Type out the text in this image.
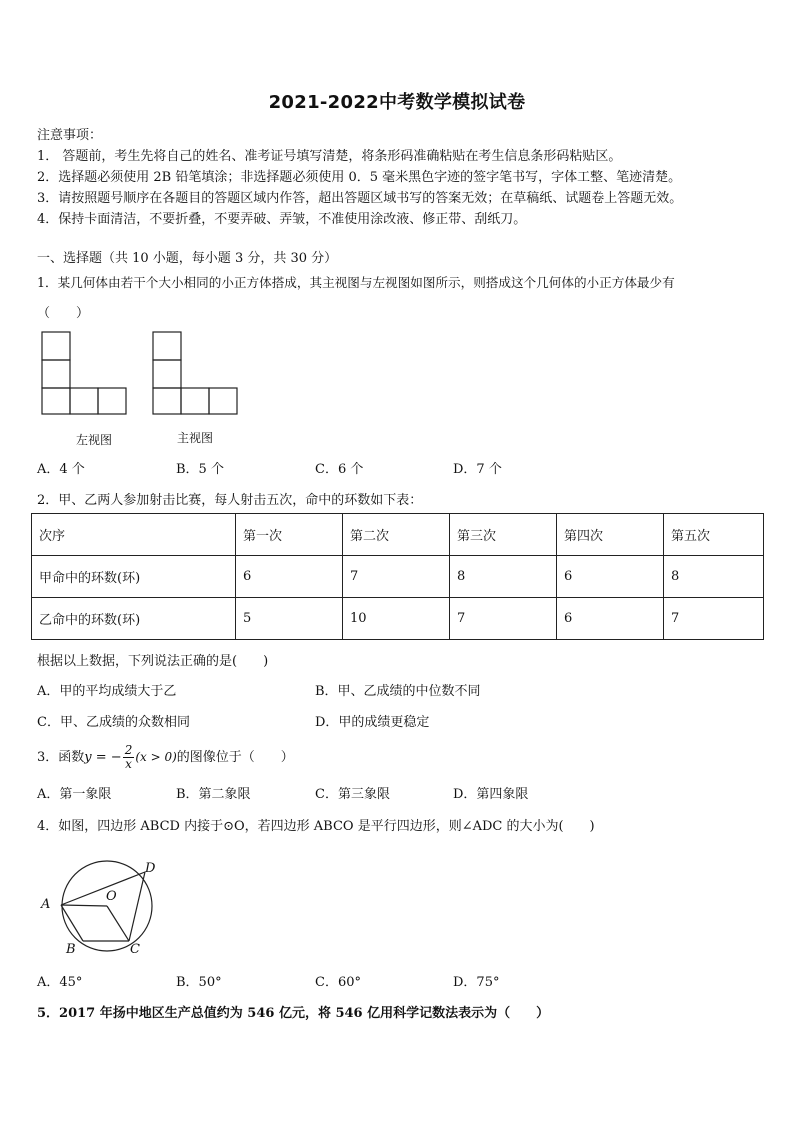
2021-2022中考数学模拟试卷
注意事项：
1． 答题前，考生先将自己的姓名、准考证号填写清楚，将条形码准确粘贴在考生信息条形码粘贴区。
2．选择题必须使用 2B 铅笔填涂；非选择题必须使用 0．5 毫米黑色字迹的签字笔书写，字体工整、笔迹清楚。
3．请按照题号顺序在各题目的答题区域内作答，超出答题区域书写的答案无效；在草稿纸、试题卷上答题无效。
4．保持卡面清洁，不要折叠，不要弄破、弄皱，不准使用涂改液、修正带、刮纸刀。
一、选择题（共 10 小题，每小题 3 分，共 30 分）
1．某几何体由若干个大小相同的小正方体搭成，其主视图与左视图如图所示，则搭成这个几何体的小正方体最少有
（　　）
左视图	主视图
A．4 个	B．5 个	C．6 个	D．7 个
2．甲、乙两人参加射击比赛，每人射击五次，命中的环数如下表：
次序	第一次	第二次	第三次	第四次	第五次
甲命中的环数(环)	6	7	8	6	8
乙命中的环数(环)	5	10	7	6	7
根据以上数据，下列说法正确的是(　　)
A．甲的平均成绩大于乙	B．甲、乙成绩的中位数不同
C．甲、乙成绩的众数相同	D．甲的成绩更稳定
3．函数y = − $\frac{2}{x} (x > 0)$的图像位于（　　）
A．第一象限	B．第二象限	C．第三象限	D．第四象限
4．如图，四边形 ABCD 内接于⊙O，若四边形 ABCO 是平行四边形，则∠ADC 的大小为(　　)
A
B	C
D
O
A．45°	B．50°	C．60°	D．75°
5．2017 年扬中地区生产总值约为 546 亿元，将 546 亿用科学记数法表示为（　　）
